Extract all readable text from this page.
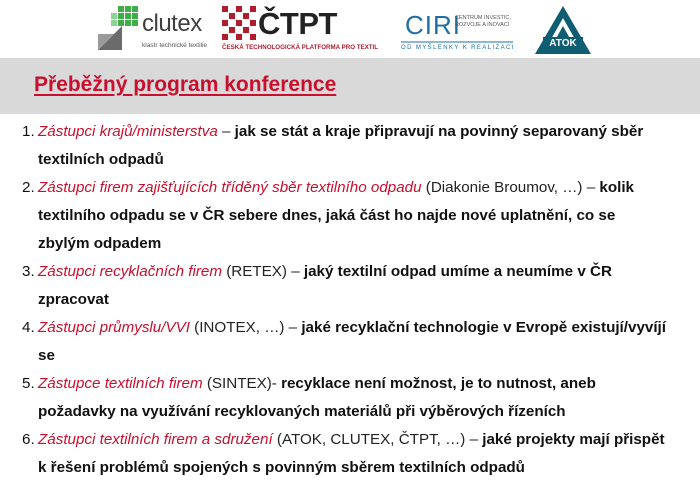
clutex
klastr technické textilie
ČTPT
ČESKÁ TECHNOLOGICKÁ PLATFORMA PRO TEXTIL
CIRI
CENTRUM INVESTIC, ROZVOJE A INOVACÍ
OD MYŠLENKY K REALIZACI	ATOK
Přeběžný program konference
1. Zástupci krajů/ministerstva – jak se stát a kraje připravují na povinný separovaný sběr textilních odpadů
2. Zástupci firem zajišťujících tříděný sběr textilního odpadu (Diakonie Broumov, …) – kolik textilního odpadu se v ČR sebere dnes, jaká část ho najde nové uplatnění, co se zbylým odpadem
3. Zástupci recyklačních firem (RETEX) – jaký textilní odpad umíme a neumíme v ČR zpracovat
4. Zástupci průmyslu/VVI (INOTEX, …) – jaké recyklační technologie v Evropě existují/vyvíjí se
5. Zástupce textilních firem (SINTEX)- recyklace není možnost, je to nutnost, aneb požadavky na využívání recyklovaných materiálů při výběrových řízeních
6. Zástupci textilních firem a sdružení (ATOK, CLUTEX, ČTPT, …) – jaké projekty mají přispět k řešení problémů spojených s povinným sběrem textilních odpadů
